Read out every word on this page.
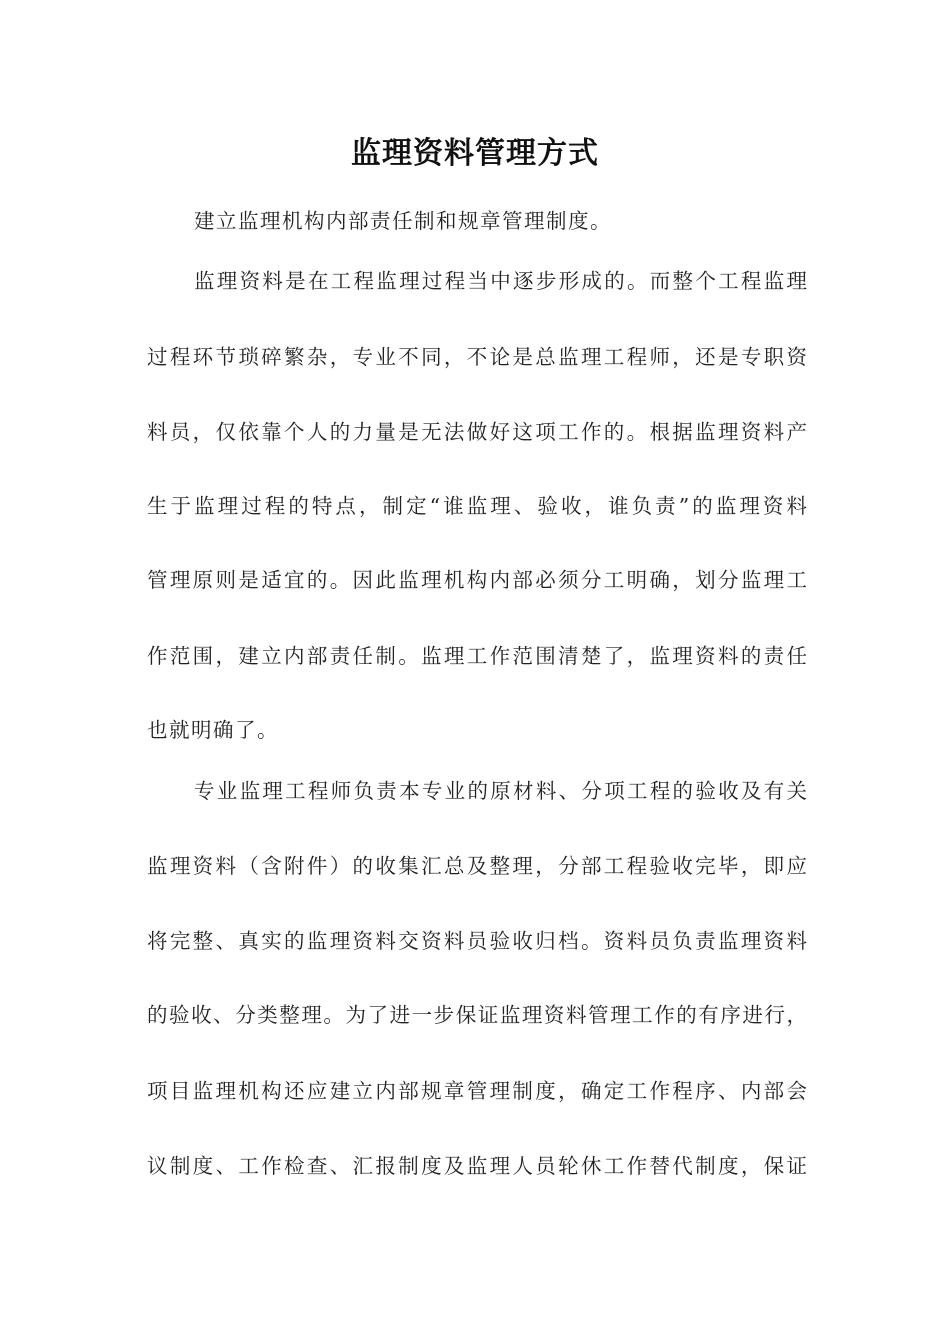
监理资料管理方式

建立监理机构内部责任制和规章管理制度。

监理资料是在工程监理过程当中逐步形成的。而整个工程监理

过程环节琐碎繁杂，专业不同，不论是总监理工程师，还是专职资

料员，仅依靠个人的力量是无法做好这项工作的。根据监理资料产

生于监理过程的特点，制定“谁监理、验收，谁负责”的监理资料

管理原则是适宜的。因此监理机构内部必须分工明确，划分监理工

作范围，建立内部责任制。监理工作范围清楚了，监理资料的责任

也就明确了。

专业监理工程师负责本专业的原材料、分项工程的验收及有关

监理资料（含附件）的收集汇总及整理，分部工程验收完毕，即应

将完整、真实的监理资料交资料员验收归档。资料员负责监理资料

的验收、分类整理。为了进一步保证监理资料管理工作的有序进行，

项目监理机构还应建立内部规章管理制度，确定工作程序、内部会

议制度、工作检查、汇报制度及监理人员轮休工作替代制度，保证
